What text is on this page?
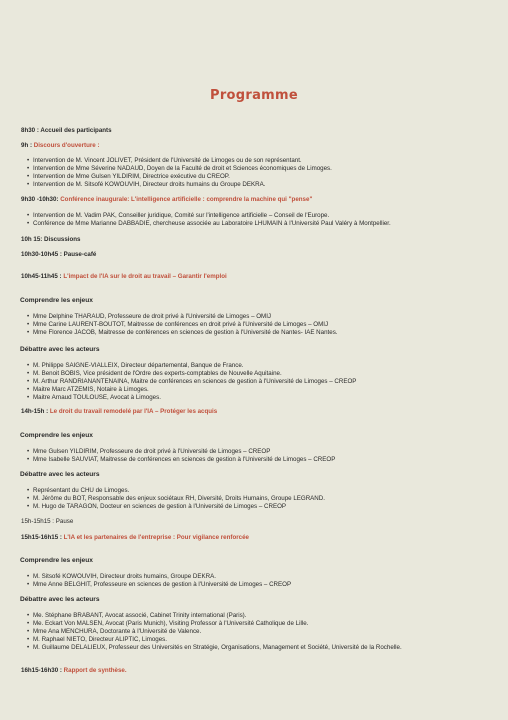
Programme
8h30 : Accueil des participants
9h : Discours d'ouverture :
• Intervention de M. Vincent JOLIVET, Président de l'Université de Limoges ou de son représentant.
• Intervention de Mme Séverine NADAUD, Doyen de la Faculté de droit et Sciences économiques de Limoges.
• Intervention de Mme Gulsen YILDIRIM, Directrice exécutive du CREOP.
• Intervention de M. Sitsofé KOWOUVIH, Directeur droits humains du Groupe DEKRA.
9h30 -10h30: Conférence inaugurale: L'intelligence artificielle : comprendre la machine qui "pense"
• Intervention de M. Vadim PAK, Conseiller juridique, Comité sur l'intelligence artificielle – Conseil de l'Europe.
• Conférence de Mme Marianne DABBADIE, chercheuse associée au Laboratoire LHUMAIN à l'Université Paul Valéry à Montpellier.
10h 15: Discussions
10h30-10h45 : Pause-café
10h45-11h45 : L'impact de l'IA sur le droit au travail – Garantir l'emploi
Comprendre les enjeux
• Mme Delphine THARAUD, Professeure de droit privé à l'Université de Limoges – OMIJ
• Mme Carine LAURENT-BOUTOT, Maitresse de conférences en droit privé à l'Université de Limoges – OMIJ
• Mme Florence JACOB, Maitresse de conférences en sciences de gestion à l'Université de Nantes- IAE Nantes.
Débattre avec les acteurs
• M. Philippe SAIGNE-VIALLEIX, Directeur départemental, Banque de France.
• M. Benoit BOBIS, Vice président de l'Ordre des experts-comptables de Nouvelle Aquitaine.
• M. Arthur RANDRIANANTENAINA, Maitre de conférences en sciences de gestion à l'Université de Limoges – CREOP
• Maitre Marc ATZEMIS, Notaire à Limoges.
• Maitre Arnaud TOULOUSE, Avocat à Limoges.
14h-15h : Le droit du travail remodelé par l'IA – Protéger les acquis
Comprendre les enjeux
• Mme Gulsen YILDIRIM, Professeure de droit privé à l'Université de Limoges – CREOP
• Mme Isabelle SAUVIAT, Maitresse de conférences en sciences de gestion à l'Université de Limoges – CREOP
Débattre avec les acteurs
• Représentant du CHU de Limoges.
• M. Jérôme du BOT, Responsable des enjeux sociétaux RH, Diversité, Droits Humains, Groupe LEGRAND.
• M. Hugo de TARAGON, Docteur en sciences de gestion à l'Université de Limoges – CREOP
15h-15h15 : Pause
15h15-16h15 : L'IA et les partenaires de l'entreprise : Pour vigilance renforcée
Comprendre les enjeux
• M. Sitsofé KOWOUVIH, Directeur droits humains, Groupe DEKRA.
• Mme Anne BELGHIT, Professeure en sciences de gestion à l'Université de Limoges – CREOP
Débattre avec les acteurs
• Me. Stéphane BRABANT, Avocat associé, Cabinet Trinity international (Paris).
• Me. Eckart Von MALSEN, Avocat (Paris Munich), Visiting Professor à l'Université Catholique de Lille.
• Mme Ana MENCHURA, Doctorante à l'Université de Valence.
• M. Raphael NIETO, Directeur ALIPTIC, Limoges.
• M. Guillaume DELALIEUX, Professeur des Universités en Stratégie, Organisations, Management et Société, Université de la Rochelle.
16h15-16h30 : Rapport de synthèse.
